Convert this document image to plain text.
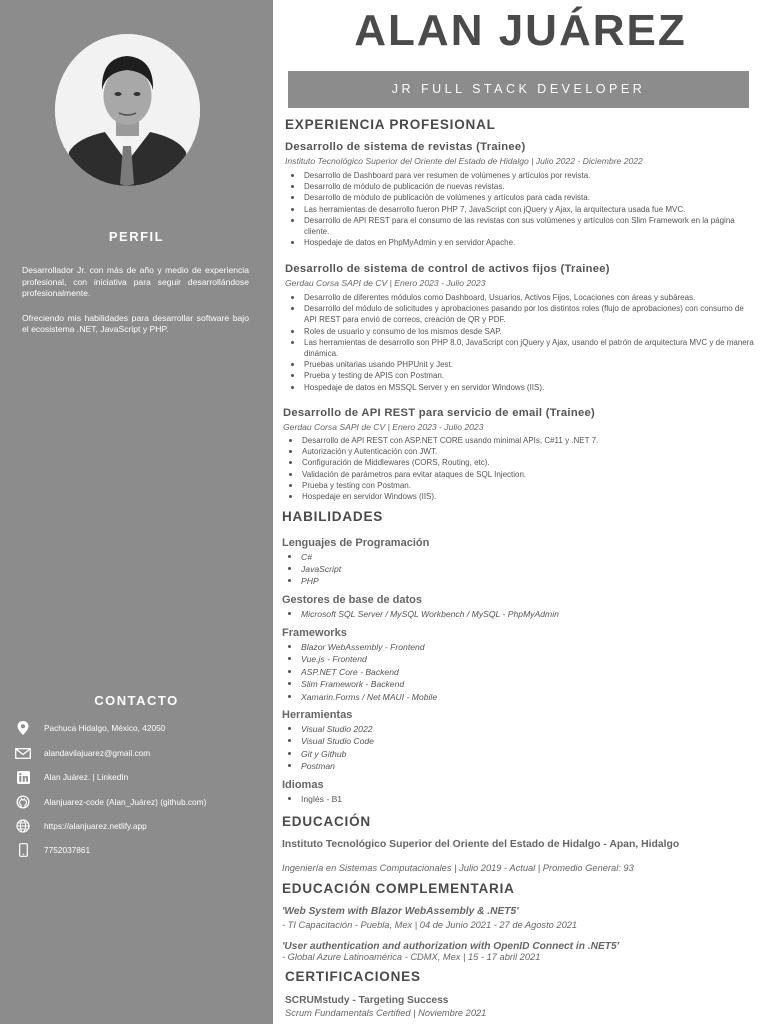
PERFIL

Desarrollador Jr. con más de año y medio de experiencia profesional, con iniciativa para seguir desarrollándose profesionalmente.

Ofreciendo mis habilidades para desarrollar software bajo el ecosistema .NET, JavaScript y PHP.

CONTACTO
Pachuca Hidalgo, México, 42050
alandavilajuarez@gmail.com
Alan Juárez. | LinkedIn
Alanjuarez-code (Alan_Juárez) (github.com)
https://alanjuarez.netlify.app
7752037861
ALAN JUÁREZ
JR FULL STACK DEVELOPER
EXPERIENCIA PROFESIONAL
Desarrollo de sistema de revistas (Trainee)
Instituto Tecnológico Superior del Oriente del Estado de Hidalgo | Julio 2022 - Diciembre 2022
Desarrollo de Dashboard para ver resumen de volúmenes y artículos por revista.
Desarrollo de módulo de publicación de nuevas revistas.
Desarrollo de módulo de publicación de volúmenes y artículos para cada revista.
Las herramientas de desarrollo fueron PHP 7, JavaScript con jQuery y Ajax, la arquitectura usada fue MVC.
Desarrollo de API REST para el consumo de las revistas con sus volúmenes y artículos con Slim Framework en la página cliente.
Hospedaje de datos en PhpMyAdmin y en servidor Apache.
Desarrollo de sistema de control de activos fijos (Trainee)
Gerdau Corsa SAPI de CV | Enero 2023 - Julio 2023
Desarrollo de diferentes módulos como Dashboard, Usuarios, Activos Fijos, Locaciones con áreas y subáreas.
Desarrollo del módulo de solicitudes y aprobaciones pasando por los distintos roles (flujo de aprobaciones) con consumo de API REST para envió de correos, creación de QR y PDF.
Roles de usuario y consumo de los mismos desde SAP.
Las herramientas de desarrollo son PHP 8.0, JavaScript con jQuery y Ajax, usando el patrón de arquitectura MVC y de manera dinámica.
Pruebas unitarias usando PHPUnit y Jest.
Prueba y testing de APIS con Postman.
Hospedaje de datos en MSSQL Server y en servidor Windows (IIS).
Desarrollo de API REST para servicio de email (Trainee)
Gerdau Corsa SAPI de CV | Enero 2023 - Julio 2023
Desarrollo de API REST con ASP.NET CORE usando minimal APIs, C#11 y .NET 7.
Autorización y Autenticación con JWT.
Configuración de Middlewares (CORS, Routing, etc).
Validación de parámetros para evitar ataques de SQL Injection.
Prueba y testing con Postman.
Hospedaje en servidor Windows (IIS).
HABILIDADES
Lenguajes de Programación
C#
JavaScript
PHP
Gestores de base de datos
Microsoft SQL Server / MySQL Workbench / MySQL - PhpMyAdmin
Frameworks
Blazor WebAssembly - Frontend
Vue.js - Frontend
ASP.NET Core - Backend
Slim Framework - Backend
Xamarin.Forms / Net MAUI - Mobile
Herramientas
Visual Studio 2022
Visual Studio Code
Git y Github
Postman
Idiomas
Inglés - B1
EDUCACIÓN
Instituto Tecnológico Superior del Oriente del Estado de Hidalgo - Apan, Hidalgo
Ingeniería en Sistemas Computacionales | Julio 2019 - Actual | Promedio General: 93
EDUCACIÓN COMPLEMENTARIA
'Web System with Blazor WebAssembly & .NET5'
- TI Capacitación - Puebla, Mex | 04 de Junio 2021 - 27 de Agosto 2021
'User authentication and authorization with OpenID Connect in .NET5'
- Global Azure Latinoamérica - CDMX, Mex | 15 - 17 abril 2021
CERTIFICACIONES
SCRUMstudy - Targeting Success
Scrum Fundamentals Certified | Noviembre 2021
